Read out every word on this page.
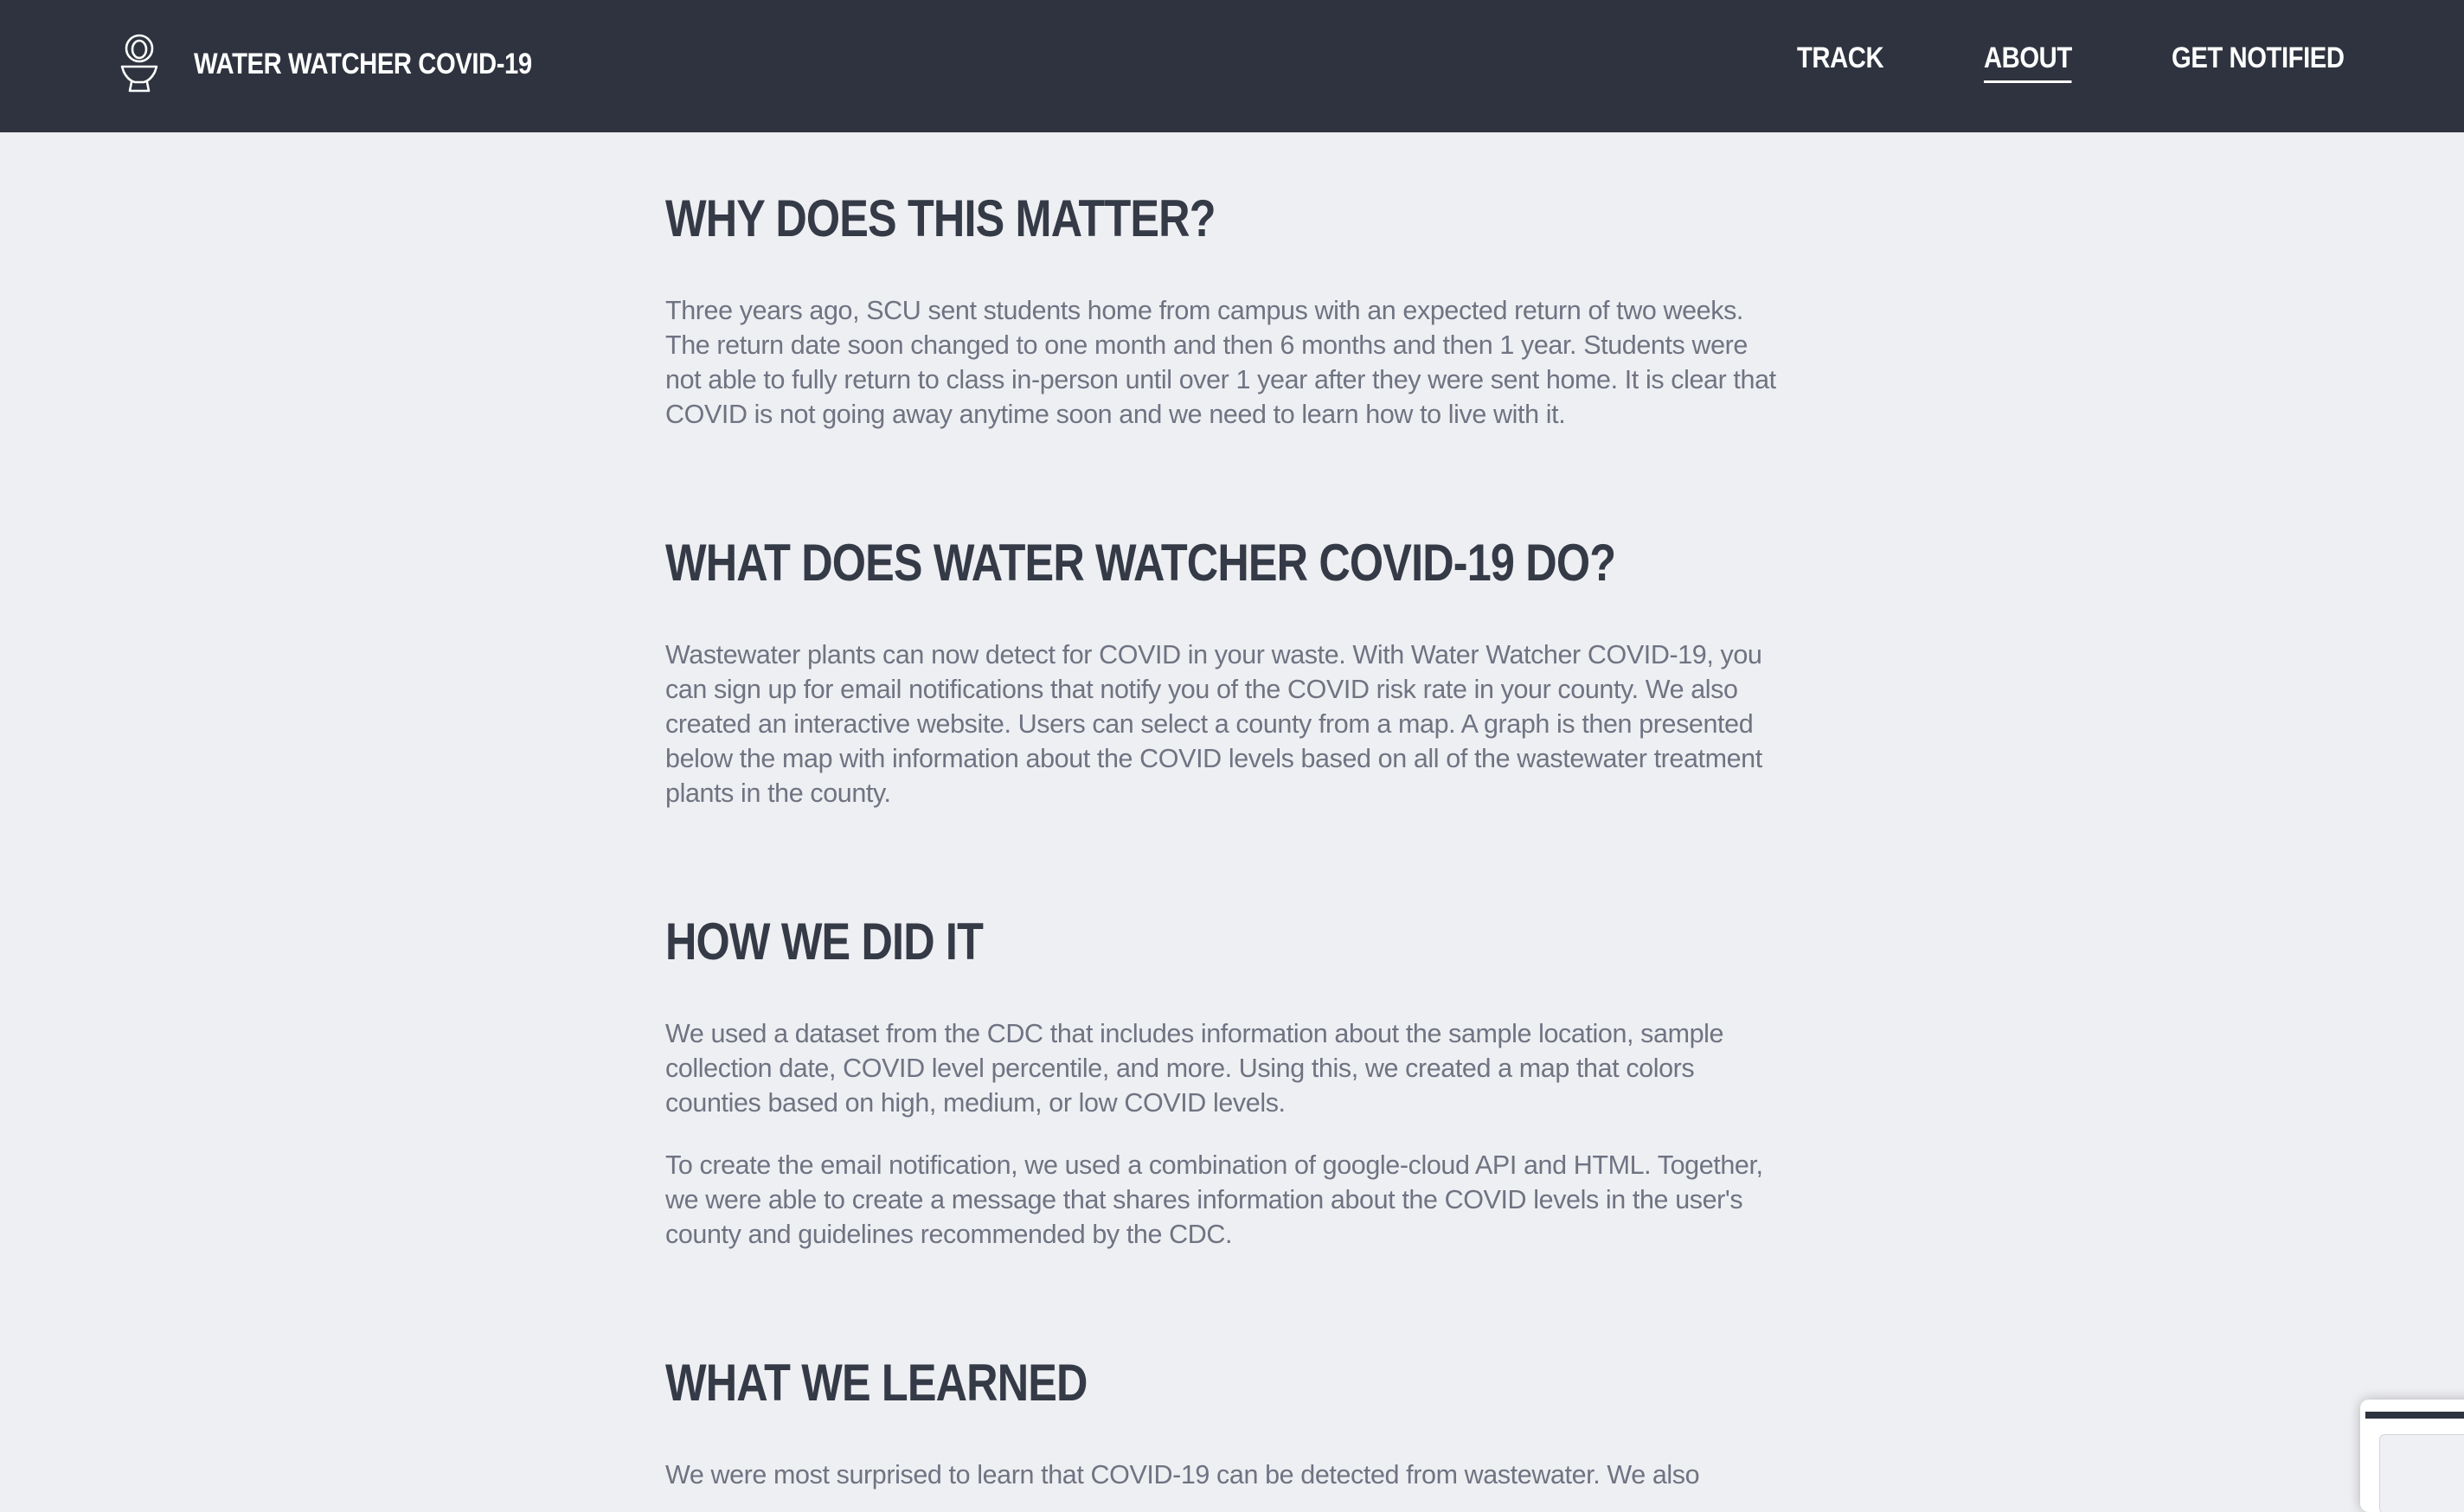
WATER WATCHER COVID-19	TRACK	ABOUT	GET NOTIFIED
WHY DOES THIS MATTER?

Three years ago, SCU sent students home from campus with an expected return of two weeks. The return date soon changed to one month and then 6 months and then 1 year. Students were not able to fully return to class in-person until over 1 year after they were sent home. It is clear that COVID is not going away anytime soon and we need to learn how to live with it.

WHAT DOES WATER WATCHER COVID-19 DO?

Wastewater plants can now detect for COVID in your waste. With Water Watcher COVID-19, you can sign up for email notifications that notify you of the COVID risk rate in your county. We also created an interactive website. Users can select a county from a map. A graph is then presented below the map with information about the COVID levels based on all of the wastewater treatment plants in the county.

HOW WE DID IT

We used a dataset from the CDC that includes information about the sample location, sample collection date, COVID level percentile, and more. Using this, we created a map that colors counties based on high, medium, or low COVID levels.

To create the email notification, we used a combination of google-cloud API and HTML. Together, we were able to create a message that shares information about the COVID levels in the user's county and guidelines recommended by the CDC.

WHAT WE LEARNED

We were most surprised to learn that COVID-19 can be detected from wastewater. We also
